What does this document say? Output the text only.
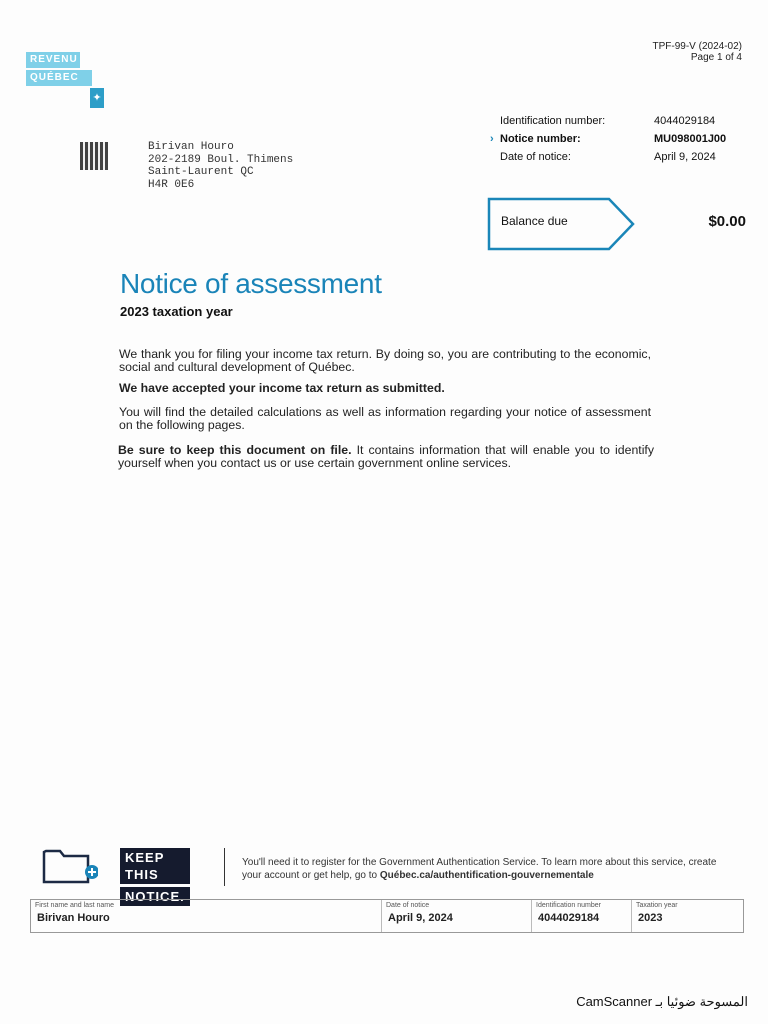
TPF-99-V (2024-02)
Page 1 of 4
REVENU
QUÉBEC
✦
Birivan Houro
202-2189 Boul. Thimens
Saint-Laurent QC
H4R 0E6
Identification number:	4044029184
› Notice number:	MU098001J00
Date of notice:	April 9, 2024
Balance due	$0.00
Notice of assessment
2023 taxation year
We thank you for filing your income tax return. By doing so, you are contributing to the economic, social and cultural development of Québec.
We have accepted your income tax return as submitted.
You will find the detailed calculations as well as information regarding your notice of assessment on the following pages.
Be sure to keep this document on file. It contains information that will enable you to identify yourself when you contact us or use certain government online services.
KEEP THIS
NOTICE.
You'll need it to register for the Government Authentication Service. To learn more about this service, create your account or get help, go to Québec.ca/authentification-gouvernementale
First name and last name
Birivan Houro
Date of notice
April 9, 2024
Identification number
4044029184
Taxation year
2023
CamScanner المسوحة ضوئيا بـ
